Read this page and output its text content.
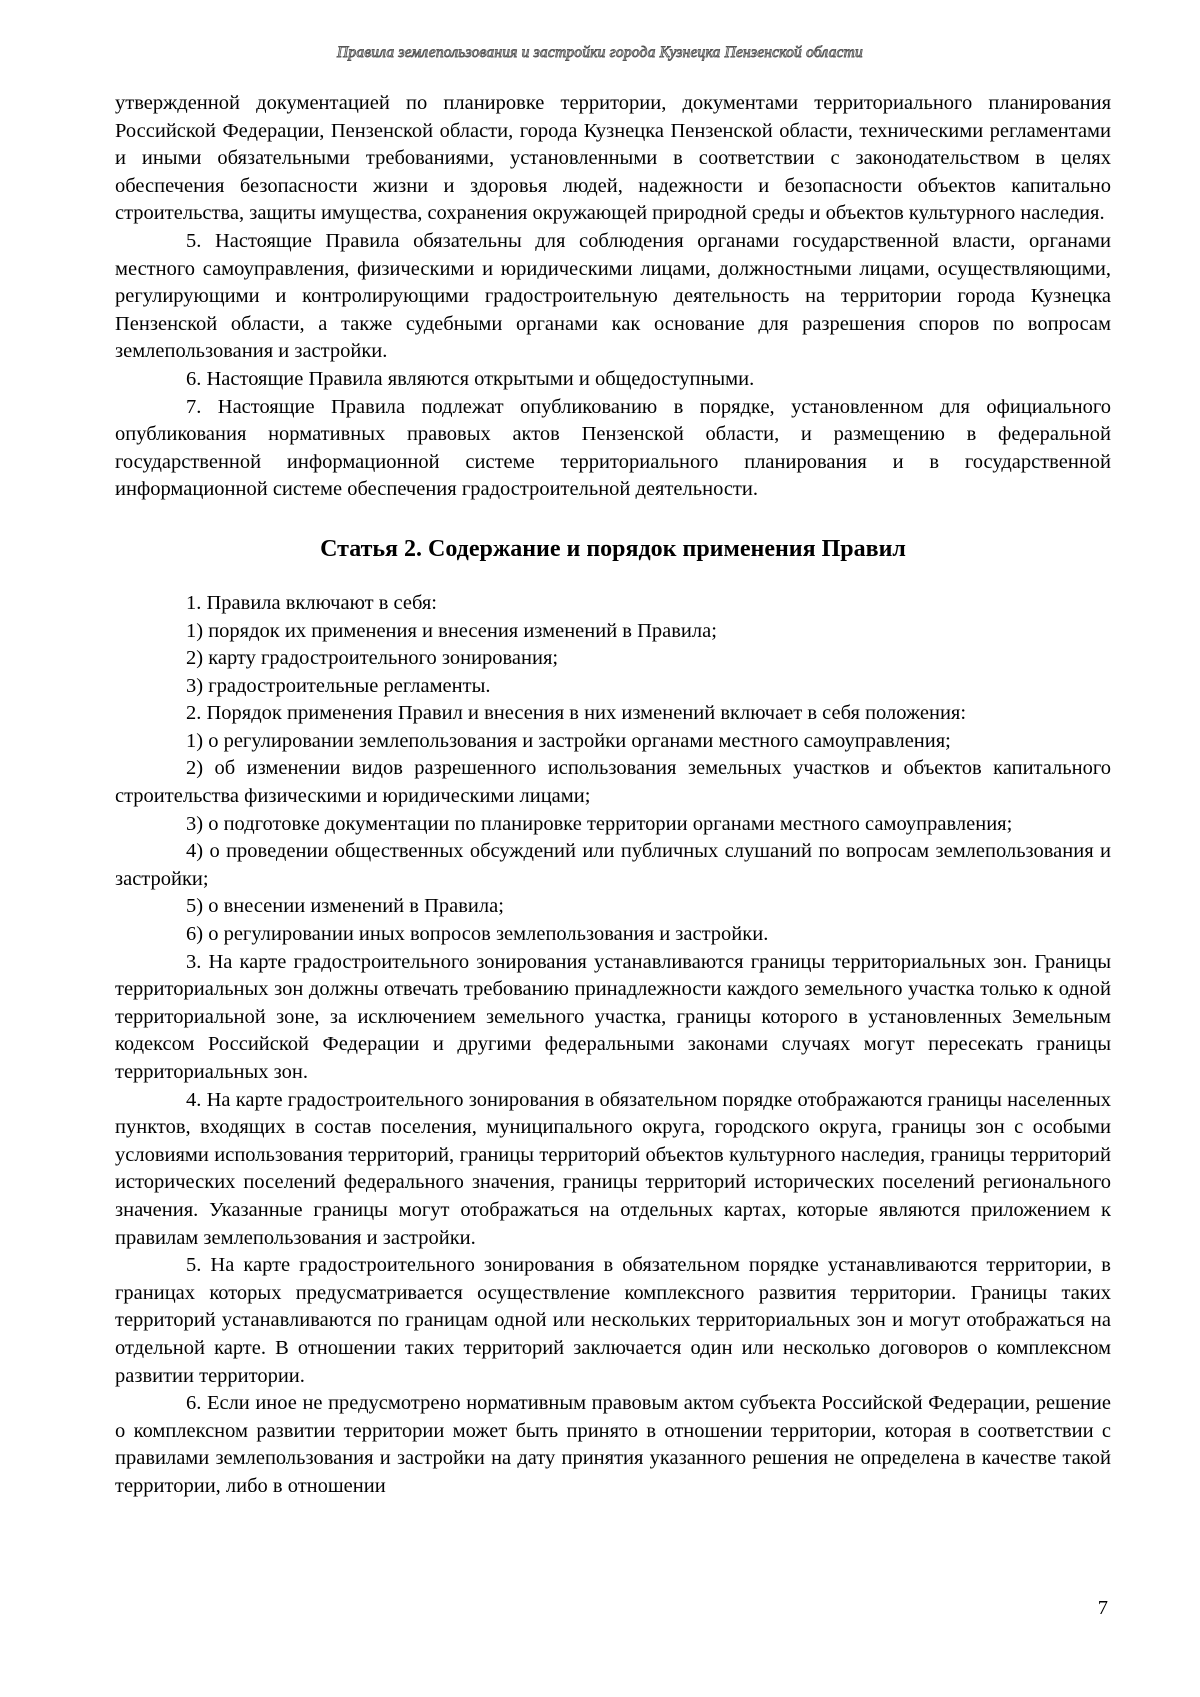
Правила землепользования и застройки города Кузнецка Пензенской области

утвержденной документацией по планировке территории, документами территориального планирования Российской Федерации, Пензенской области, города Кузнецка Пензенской области, техническими регламентами и иными обязательными требованиями, установленными в соответствии с законодательством в целях обеспечения безопасности жизни и здоровья людей, надежности и безопасности объектов капитально строительства, защиты имущества, сохранения окружающей природной среды и объектов культурного наследия.

5. Настоящие Правила обязательны для соблюдения органами государственной власти, органами местного самоуправления, физическими и юридическими лицами, должностными лицами, осуществляющими, регулирующими и контролирующими градостроительную деятельность на территории города Кузнецка Пензенской области, а также судебными органами как основание для разрешения споров по вопросам землепользования и застройки.

6. Настоящие Правила являются открытыми и общедоступными.

7. Настоящие Правила подлежат опубликованию в порядке, установленном для официального опубликования нормативных правовых актов Пензенской области, и размещению в федеральной государственной информационной системе территориального планирования и в государственной информационной системе обеспечения градостроительной деятельности.

Статья 2. Содержание и порядок применения Правил

1. Правила включают в себя:

1) порядок их применения и внесения изменений в Правила;

2) карту градостроительного зонирования;

3) градостроительные регламенты.

2. Порядок применения Правил и внесения в них изменений включает в себя положения:

1) о регулировании землепользования и застройки органами местного самоуправления;

2) об изменении видов разрешенного использования земельных участков и объектов капитального строительства физическими и юридическими лицами;

3) о подготовке документации по планировке территории органами местного самоуправления;

4) о проведении общественных обсуждений или публичных слушаний по вопросам землепользования и застройки;

5) о внесении изменений в Правила;

6) о регулировании иных вопросов землепользования и застройки.

3. На карте градостроительного зонирования устанавливаются границы территориальных зон. Границы территориальных зон должны отвечать требованию принадлежности каждого земельного участка только к одной территориальной зоне, за исключением земельного участка, границы которого в установленных Земельным кодексом Российской Федерации и другими федеральными законами случаях могут пересекать границы территориальных зон.

4. На карте градостроительного зонирования в обязательном порядке отображаются границы населенных пунктов, входящих в состав поселения, муниципального округа, городского округа, границы зон с особыми условиями использования территорий, границы территорий объектов культурного наследия, границы территорий исторических поселений федерального значения, границы территорий исторических поселений регионального значения. Указанные границы могут отображаться на отдельных картах, которые являются приложением к правилам землепользования и застройки.

5. На карте градостроительного зонирования в обязательном порядке устанавливаются территории, в границах которых предусматривается осуществление комплексного развития территории. Границы таких территорий устанавливаются по границам одной или нескольких территориальных зон и могут отображаться на отдельной карте. В отношении таких территорий заключается один или несколько договоров о комплексном развитии территории.

6. Если иное не предусмотрено нормативным правовым актом субъекта Российской Федерации, решение о комплексном развитии территории может быть принято в отношении территории, которая в соответствии с правилами землепользования и застройки на дату принятия указанного решения не определена в качестве такой территории, либо в отношении

7
